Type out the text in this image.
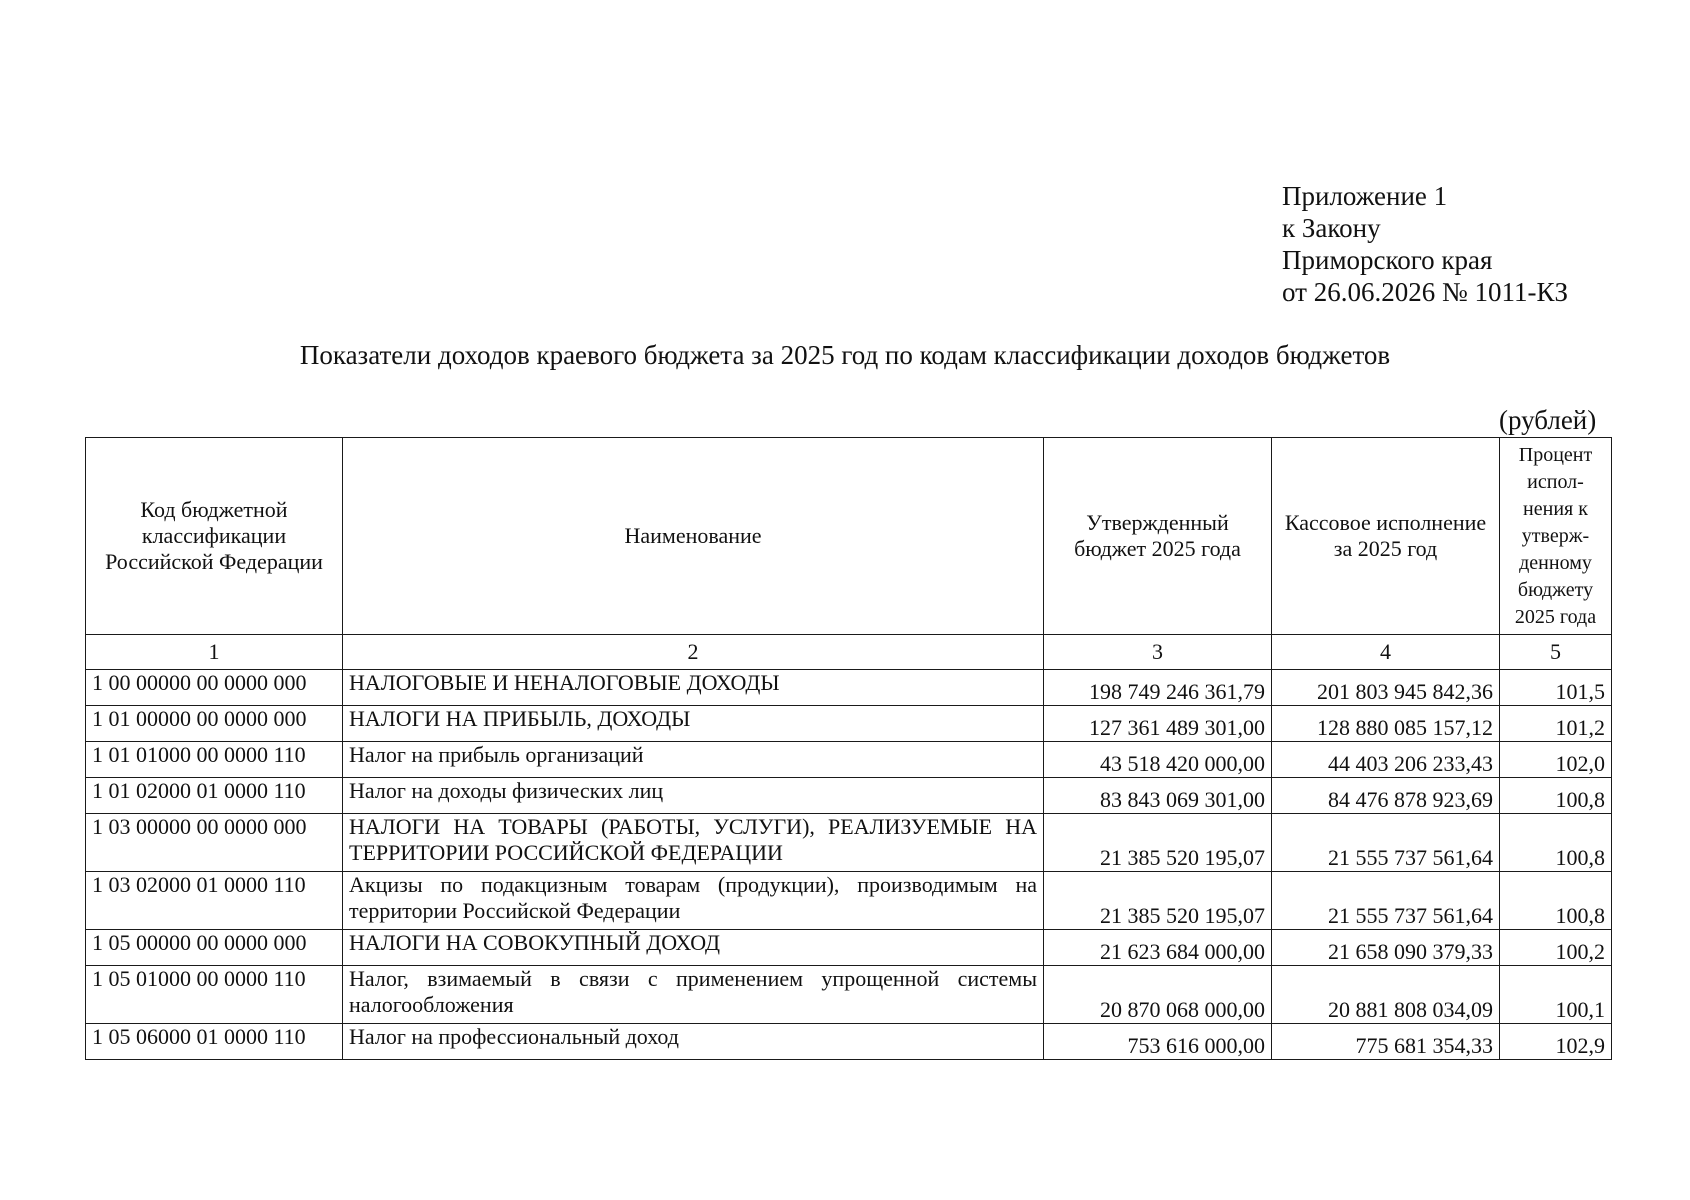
Приложение 1
к Закону
Приморского края
от 26.06.2026 № 1011-КЗ
Показатели доходов краевого бюджета за 2025 год по кодам классификации доходов бюджетов
(рублей)
Код бюджетной классификации Российской Федерации	Наименование	Утвержденный бюджет 2025 года	Кассовое исполнение за 2025 год	Процент испол-нения к утверж-денному бюджету 2025 года
1	2	3	4	5
1 00 00000 00 0000 000	НАЛОГОВЫЕ И НЕНАЛОГОВЫЕ ДОХОДЫ	198 749 246 361,79	201 803 945 842,36	101,5
1 01 00000 00 0000 000	НАЛОГИ НА ПРИБЫЛЬ, ДОХОДЫ	127 361 489 301,00	128 880 085 157,12	101,2
1 01 01000 00 0000 110	Налог на прибыль организаций	43 518 420 000,00	44 403 206 233,43	102,0
1 01 02000 01 0000 110	Налог на доходы физических лиц	83 843 069 301,00	84 476 878 923,69	100,8
1 03 00000 00 0000 000	НАЛОГИ НА ТОВАРЫ (РАБОТЫ, УСЛУГИ), РЕАЛИЗУЕМЫЕ НА ТЕРРИТОРИИ РОССИЙСКОЙ ФЕДЕРАЦИИ	21 385 520 195,07	21 555 737 561,64	100,8
1 03 02000 01 0000 110	Акцизы по подакцизным товарам (продукции), производимым на территории Российской Федерации	21 385 520 195,07	21 555 737 561,64	100,8
1 05 00000 00 0000 000	НАЛОГИ НА СОВОКУПНЫЙ ДОХОД	21 623 684 000,00	21 658 090 379,33	100,2
1 05 01000 00 0000 110	Налог, взимаемый в связи с применением упрощенной системы налогообложения	20 870 068 000,00	20 881 808 034,09	100,1
1 05 06000 01 0000 110	Налог на профессиональный доход	753 616 000,00	775 681 354,33	102,9
